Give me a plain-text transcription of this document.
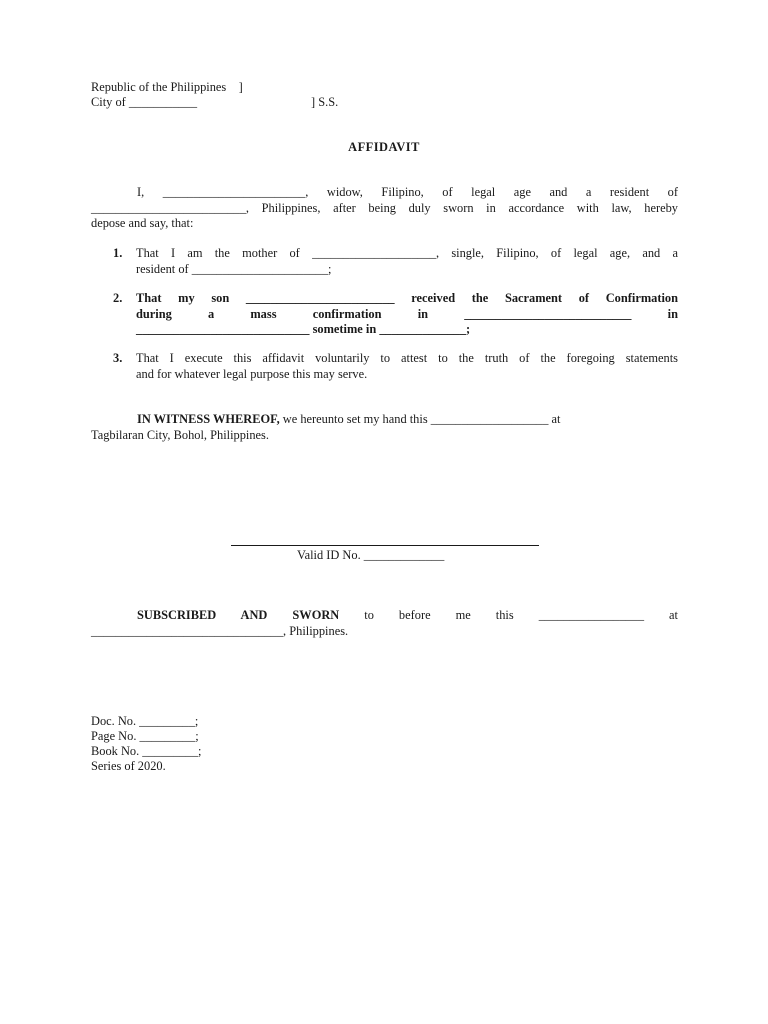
Republic of the Philippines    ]
City of ___________	] S.S.
AFFIDAVIT
I, _______________________, widow, Filipino, of legal age and a resident of
_________________________, Philippines, after being duly sworn in accordance with law, hereby
depose and say, that:
1. That I am the mother of ____________________, single, Filipino, of legal age, and a
resident of ______________________;
2. That my son ________________________ received the Sacrament of Confirmation
during a mass confirmation in ___________________________ in
____________________________ sometime in ______________;
3. That I execute this affidavit voluntarily to attest to the truth of the foregoing statements
and for whatever legal purpose this may serve.
IN WITNESS WHEREOF, we hereunto set my hand this ___________________ at
Tagbilaran City, Bohol, Philippines.
Valid ID No. _____________
SUBSCRIBED AND SWORN to before me this _________________ at
_______________________________, Philippines.
Doc. No. _________;
Page No. _________;
Book No. _________;
Series of 2020.
